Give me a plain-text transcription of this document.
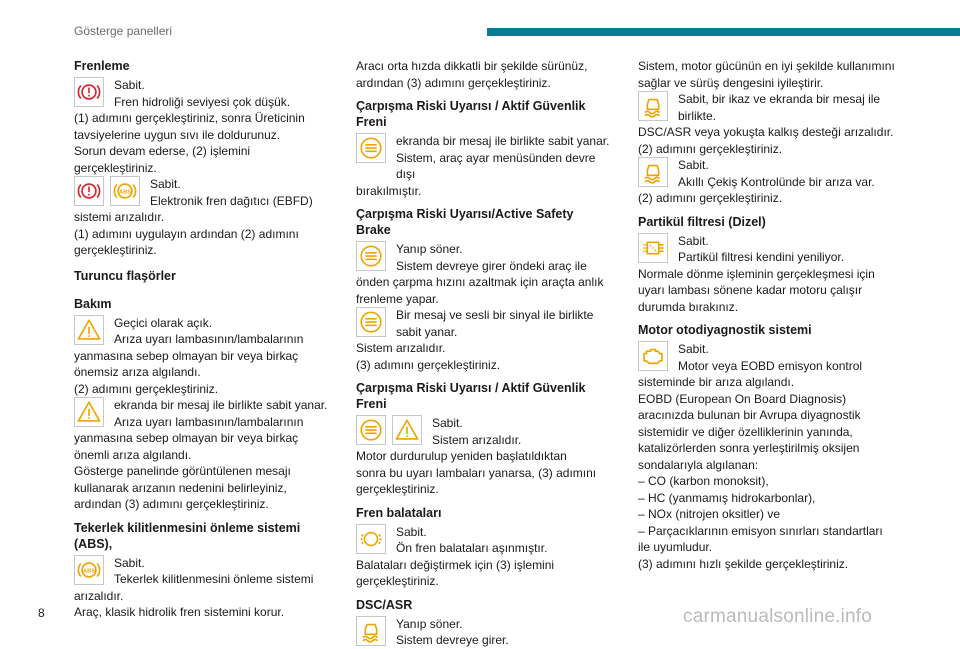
Gösterge panelleri
Frenleme

Sabit.

Fren hidroliği seviyesi çok düşük.

(1) adımını gerçekleştiriniz, sonra Üreticinin

tavsiyelerine uygun sıvı ile doldurunuz.

Sorun devam ederse, (2) işlemini

gerçekleştiriniz.

Sabit.

Elektronik fren dağıtıcı (EBFD)

sistemi arızalıdır.

(1) adımını uygulayın ardından (2) adımını

gerçekleştiriniz.

Turuncu flaşörler
Bakım

Geçici olarak açık.

Arıza uyarı lambasının/lambalarının

yanmasına sebep olmayan bir veya birkaç

önemsiz arıza algılandı.

(2) adımını gerçekleştiriniz.

ekranda bir mesaj ile birlikte sabit yanar.

Arıza uyarı lambasının/lambalarının

yanmasına sebep olmayan bir veya birkaç

önemli arıza algılandı.

Gösterge panelinde görüntülenen mesajı

kullanarak arızanın nedenini belirleyiniz,

ardından (3) adımını gerçekleştiriniz.

Tekerlek kilitlenmesini önleme sistemi
(ABS),

Sabit.

Tekerlek kilitlenmesini önleme sistemi

arızalıdır.

Araç, klasik hidrolik fren sistemini korur.

Aracı orta hızda dikkatli bir şekilde sürünüz,

ardından (3) adımını gerçekleştiriniz.

Çarpışma Riski Uyarısı / Aktif Güvenlik
Freni

ekranda bir mesaj ile birlikte sabit yanar.

Sistem, araç ayar menüsünden devre dışı

bırakılmıştır.

Çarpışma Riski Uyarısı/Active Safety
Brake

Yanıp söner.

Sistem devreye girer öndeki araç ile

önden çarpma hızını azaltmak için araçta anlık

frenleme yapar.

Bir mesaj ve sesli bir sinyal ile birlikte

sabit yanar.

Sistem arızalıdır.

(3) adımını gerçekleştiriniz.

Çarpışma Riski Uyarısı / Aktif Güvenlik
Freni

Sabit.

Sistem arızalıdır.

Motor durdurulup yeniden başlatıldıktan

sonra bu uyarı lambaları yanarsa, (3) adımını

gerçekleştiriniz.

Fren balataları

Sabit.

Ön fren balataları aşınmıştır.

Balataları değiştirmek için (3) işlemini

gerçekleştiriniz.

DSC/ASR

Yanıp söner.

Sistem devreye girer.

Sistem, motor gücünün en iyi şekilde kullanımını

sağlar ve sürüş dengesini iyileştirir.

Sabit, bir ikaz ve ekranda bir mesaj ile

birlikte.

DSC/ASR veya yokuşta kalkış desteği arızalıdır.

(2) adımını gerçekleştiriniz.

Sabit.

Akıllı Çekiş Kontrolünde bir arıza var.

(2) adımını gerçekleştiriniz.

Partikül filtresi (Dizel)

Sabit.

Partikül filtresi kendini yeniliyor.

Normale dönme işleminin gerçekleşmesi için

uyarı lambası sönene kadar motoru çalışır

durumda bırakınız.

Motor otodiyagnostik sistemi

Sabit.

Motor veya EOBD emisyon kontrol

sisteminde bir arıza algılandı.

EOBD (European On Board Diagnosis)

aracınızda bulunan bir Avrupa diyagnostik

sistemidir ve diğer özelliklerinin yanında,

katalizörlerden sonra yerleştirilmiş oksijen

sondalarıyla algılanan:

– CO (karbon monoksit),

– HC (yanmamış hidrokarbonlar),

– NOx (nitrojen oksitler) ve

– Parçacıklarının emisyon sınırları standartları

ile uyumludur.

(3) adımını hızlı şekilde gerçekleştiriniz.

8	carmanualsonline.info
